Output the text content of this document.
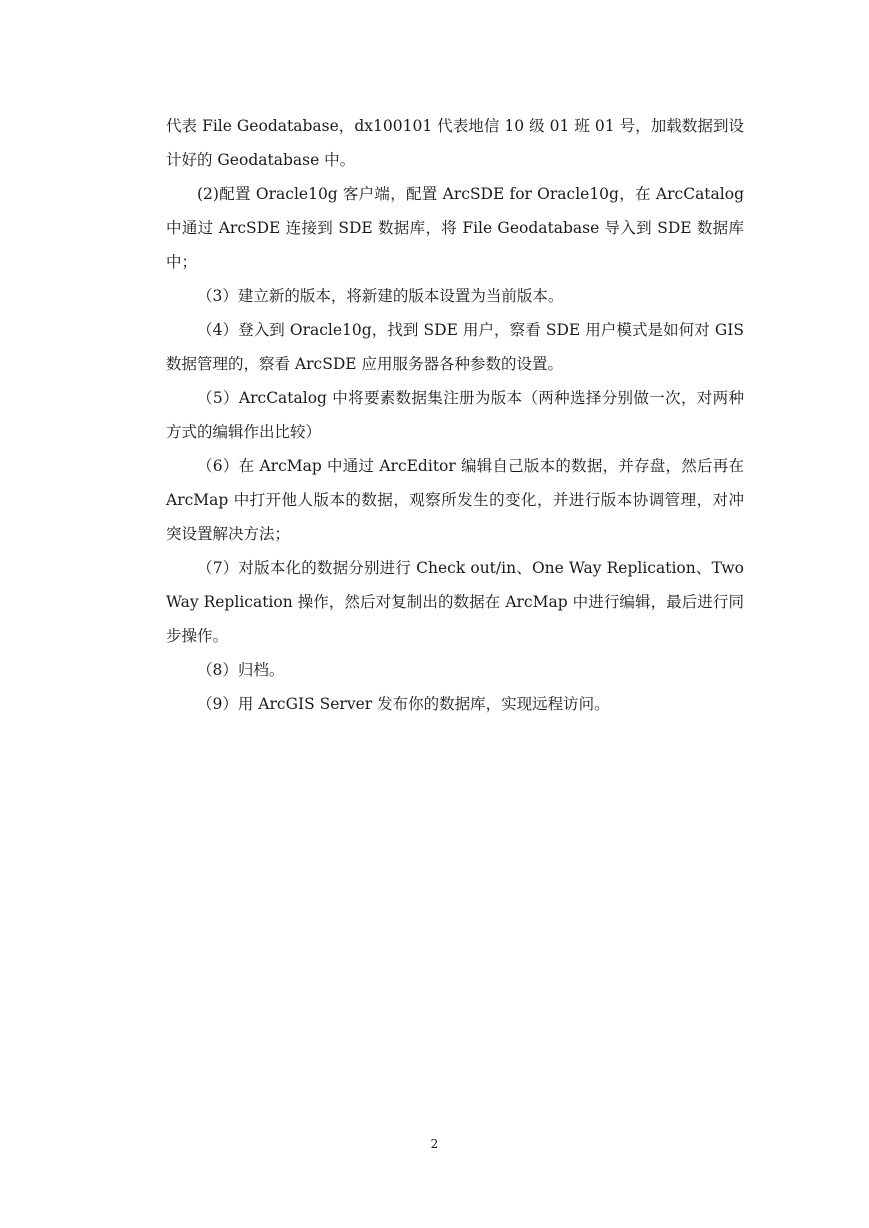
代表 File Geodatabase，dx100101 代表地信 10 级 01 班 01 号，加载数据到设计好的 Geodatabase 中。

(2)配置 Oracle10g 客户端，配置 ArcSDE for Oracle10g，在 ArcCatalog 中通过 ArcSDE 连接到 SDE 数据库，将 File Geodatabase 导入到 SDE 数据库中；

（3）建立新的版本，将新建的版本设置为当前版本。

（4）登入到 Oracle10g，找到 SDE 用户，察看 SDE 用户模式是如何对 GIS 数据管理的，察看 ArcSDE 应用服务器各种参数的设置。

（5）ArcCatalog 中将要素数据集注册为版本（两种选择分别做一次，对两种方式的编辑作出比较）

（6）在 ArcMap 中通过 ArcEditor 编辑自己版本的数据，并存盘，然后再在 ArcMap 中打开他人版本的数据，观察所发生的变化，并进行版本协调管理，对冲突设置解决方法；

（7）对版本化的数据分别进行 Check out/in、One Way Replication、Two Way Replication 操作，然后对复制出的数据在 ArcMap 中进行编辑，最后进行同步操作。

（8）归档。

（9）用 ArcGIS Server 发布你的数据库，实现远程访问。

2
